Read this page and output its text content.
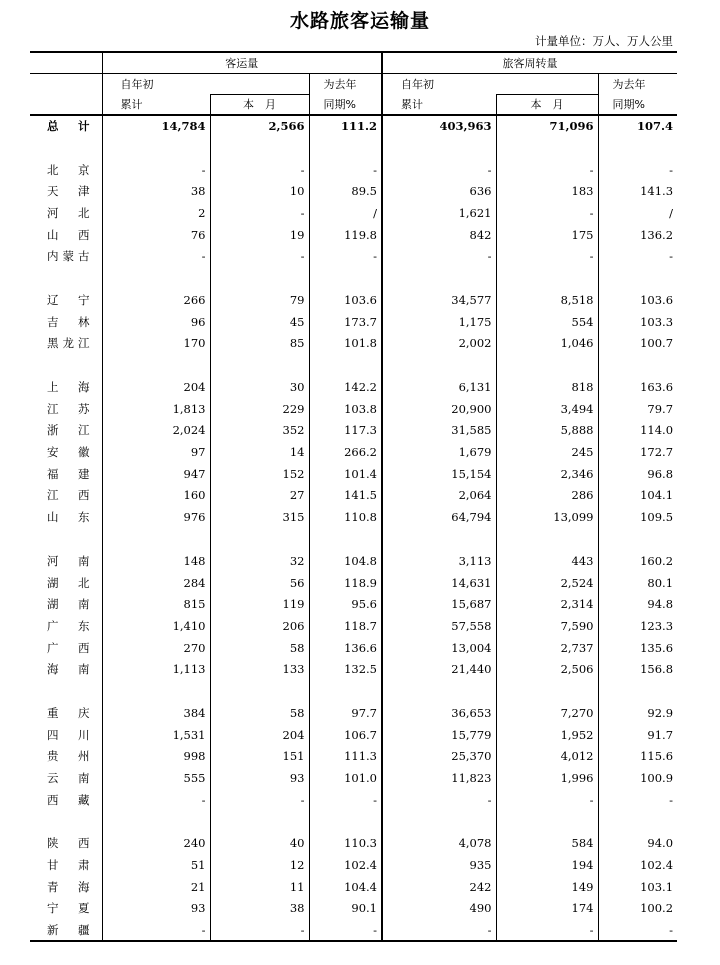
水路旅客运输量
计量单位：万人、万人公里
	客运量			旅客周转量		
	自年初		为去年	自年初		为去年
	累计	本　月	同期%	累计	本　月	同期%
总计	14,784	2,566	111.2	403,963	71,096	107.4

北京	-	-	-	-	-	-
天津	38	10	89.5	636	183	141.3
河北	2	-	/	1,621	-	/
山西	76	19	119.8	842	175	136.2
内蒙古	-	-	-	-	-	-

辽宁	266	79	103.6	34,577	8,518	103.6
吉林	96	45	173.7	1,175	554	103.3
黑龙江	170	85	101.8	2,002	1,046	100.7

上海	204	30	142.2	6,131	818	163.6
江苏	1,813	229	103.8	20,900	3,494	79.7
浙江	2,024	352	117.3	31,585	5,888	114.0
安徽	97	14	266.2	1,679	245	172.7
福建	947	152	101.4	15,154	2,346	96.8
江西	160	27	141.5	2,064	286	104.1
山东	976	315	110.8	64,794	13,099	109.5

河南	148	32	104.8	3,113	443	160.2
湖北	284	56	118.9	14,631	2,524	80.1
湖南	815	119	95.6	15,687	2,314	94.8
广东	1,410	206	118.7	57,558	7,590	123.3
广西	270	58	136.6	13,004	2,737	135.6
海南	1,113	133	132.5	21,440	2,506	156.8

重庆	384	58	97.7	36,653	7,270	92.9
四川	1,531	204	106.7	15,779	1,952	91.7
贵州	998	151	111.3	25,370	4,012	115.6
云南	555	93	101.0	11,823	1,996	100.9
西藏	-	-	-	-	-	-

陕西	240	40	110.3	4,078	584	94.0
甘肃	51	12	102.4	935	194	102.4
青海	21	11	104.4	242	149	103.1
宁夏	93	38	90.1	490	174	100.2
新疆	-	-	-	-	-	-
